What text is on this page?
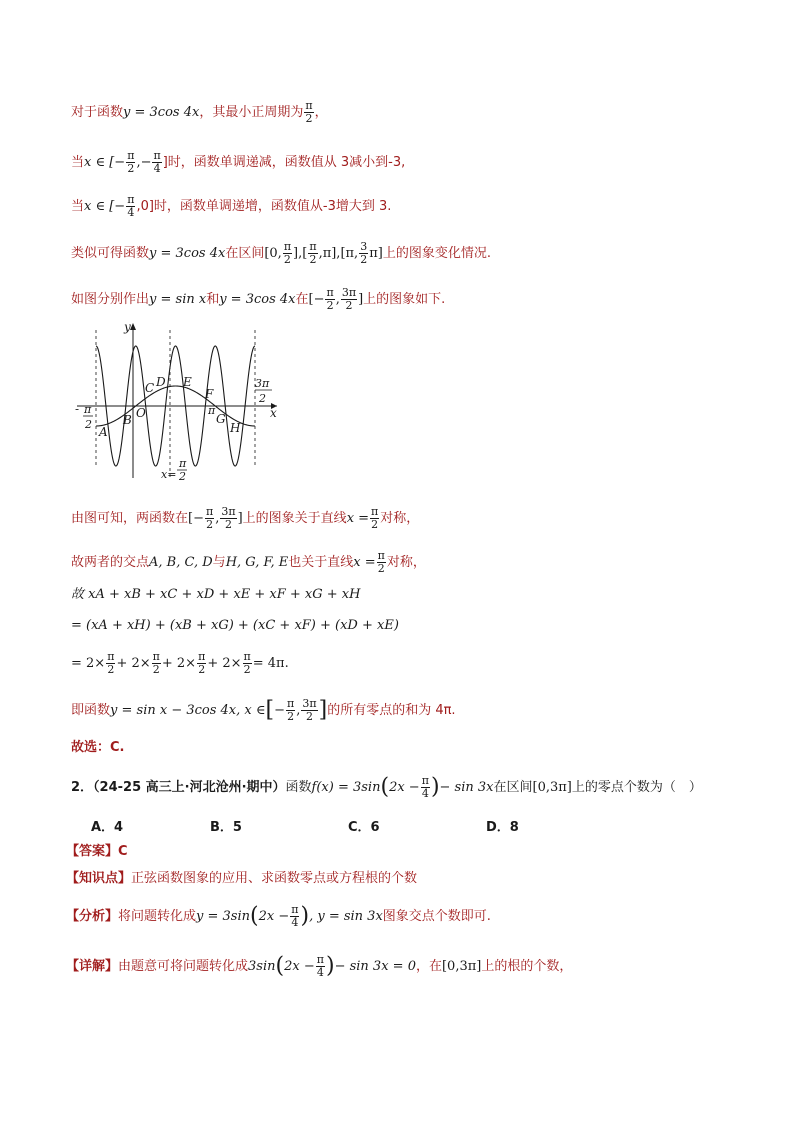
对于函数y = 3cos 4x，其最小正周期为 $\frac{\pi}{2}$ ，
当x ∈ [− $\frac{\pi}{2}$ ,− $\frac{\pi}{4}$ ]时，函数单调递减，函数值从 3减小到-3,
当x ∈ [− $\frac{\pi}{4} ,0$]时，函数单调递增，函数值从-3增大到 3.
类似可得函数y = 3cos 4x在区间[0, $\frac{\pi}{2}$ ],[ $\frac{\pi}{2} ,\pi],[\pi$, $\frac{3}{2} \pi$]上的图象变化情况.
如图分别作出y = sin x和y = 3cos 4x在[− $\frac{\pi}{2}$ , $\frac{3\pi}{2}$ ]上的图象如下.
y
x
O
A
B
C D E
F
G
H
- π
2
π
3π
2
x=
π
2
由图可知，两函数在[− $\frac{\pi}{2}$ , $\frac{3\pi}{2}$ ]上的图象关于直线$x = \frac{\pi}{2}$ 对称，
故两者的交点A, B, C, D与H, G, F, E也关于直线$x = \frac{\pi}{2}$ 对称，
故 xA + xB + xC + xD + xE + xF + xG + xH
= (xA + xH) + (xB + xG) + (xC + xF) + (xD + xE)
= $2\times \frac{\pi}{2} + 2\times \frac{\pi}{2} + 2\times \frac{\pi}{2} + 2\times \frac{\pi}{2} = 4\pi$.
即函数y = sin x − 3cos 4x, x ∈[− $\frac{\pi}{2}$ , $\frac{3\pi}{2}$ ]的所有零点的和为 4π.
故选：C.
2．（24-25 高三上·河北沧州·期中）函数$f(x) = 3\sin(2x - \frac{\pi}{4}$ )− sin 3x在区间[0,3π]上的零点个数为（　）
A．4	B．5	C．6	D．8
【答案】C
【知识点】正弦函数图象的应用、求函数零点或方程根的个数
【分析】将问题转化成$y = 3\sin(2x - \frac{\pi}{4}$ ), y = sin 3x图象交点个数即可.
【详解】由题意可将问题转化成$3\sin(2x - \frac{\pi}{4}$ )− sin 3x = 0，在[0,3π]上的根的个数，
